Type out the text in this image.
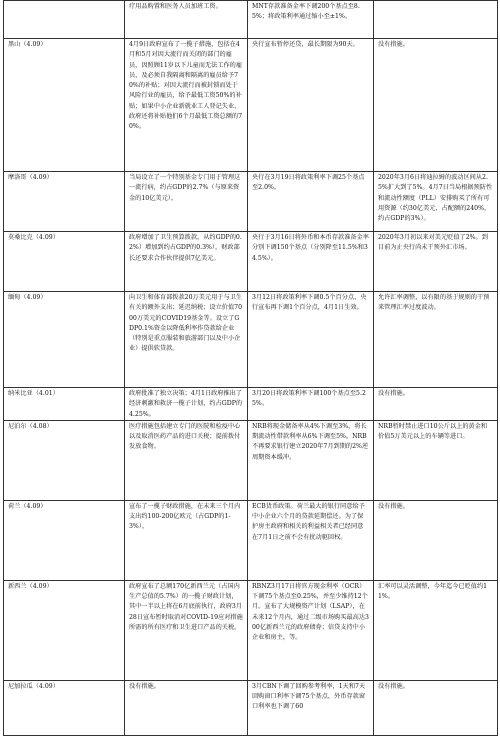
	疗用品购置和医务人员加班工资。	MNT存款准备金率下调200个基点至8.5%；将政策利率通过缩小至±1%。	
黑山（4.09）	4月9日政府宣布了一揽子措施，包括在4月和5月对因大流行而关闭的部门的雇员，因照顾11岁以下儿童而无法工作的雇员，及必须自我隔离和隔离的雇员给予70%的补贴；对因大流行而被封锁而处于风险行业的雇员，给予最低工资50%的补贴；如果中小企业新就业工人登记失业，政府还将补贴他们6个月最低工资总额的70%。	央行宣布暂停还贷，最长期限为90天。	没有措施。
摩洛哥（4.09）	当局设立了一个特别基金专门用于管理这一流行病，约占GDP的2.7%（与原来资金的10亿美元）。	央行在3月19日将政策利率下调25个基点至2.0%。	2020年3月6日将迪拉姆的波动区间从2.5%扩大到了5%。4月7日当局根据预防性和流动性额度（PLL）安排购买了所有可用资源（约30亿美元，占配额的240%，约占GDP的3%）。
莫桑比克（4.09）	政府增加了卫生预算拨款，从约GDP的0.2%）增加到约占GDP的0.3%），财政部长还要求合作伙伴提供7亿美元。	央行于3月16日将外币和本币存款准备金率分别下调150个基点（分别降至11.5%和34.5%）。	2020年3月初以来对美元贬值了2%。到目前为止央行尚未干预外汇市场。
缅甸（4.09）	向卫生和体育部拨款20万美元用于与卫生有关的额外支出；延迟纳税；设立价值7000万美元的COVID19基金等。设立了GDP0.1%资金以降低利率作贷款给企业（特别是重点服装和旅游部门以及中小企业）提供软贷款。	3月12日将政策利率下调0.5个百分点，央行宣布再下调1个百分点，4月1日生效。	允许汇率调整，以有限的基于规则的干预来管理汇率过度波动。
纳米比亚（4.01）	政府批准了独立决策；4月1日政府推出了经济刺激和救济一揽子计划，约占GDP的4.25%。	3月20日将政策利率下调100个基点至5.25%。	没有措施。
尼泊尔（4.08）	医疗措施包括建立专门的医院和检疫中心以及取消医药产品的进口关税；提前拨付发放食物。	NRB将现金储备率从4%下调至3%，将长期流动性借款利率从6%下调至5%。NRB不再要求银行建立2020年7月到期的2%逆周期资本缓冲。	NRB暂时禁止进口10公斤以上的黄金和价值5万美元以上的车辆等进口。
荷兰（4.09）	宣布了一揽子财政措施，在未来三个月内支出约100-200亿欧元（占GDP的1-3%）。	ECB货币政策。荷兰最大的银行同意给予中小企业六个月的贷款延期偿还。为了保护房主政府和相关的利益相关者已经同意在7月1日之前不会有扰动驱回权。	没有措施。
新西兰（4.09）	政府宣布了总额170亿新西兰元（占国内生产总值的5.7%）的一揽子财政计划，其中一半以上将在6月底前执行，政府3月28日宣布暂时取消对COVID-19应对措施所需的所有医疗和卫生进口产品的关税。	RBNZ3月17日将官方现金利率（OCR）下调75个基点至0.25%，并至少维持12个月。宣布了大规模资产计划（LSAP），在未来12个月内，通过二级市场购买最高达300亿新西兰元的政府债券；信贷支持中小企业和房主，等。	汇率可以灵活调整，今年迄今已贬值约11%。
尼加拉瓜（4.09）	没有措施。	3月CBN下调了回购参考利率，1天和7天回购窗口利率下调75个基点，外币存款窗口利率也下调了60	没有措施。
